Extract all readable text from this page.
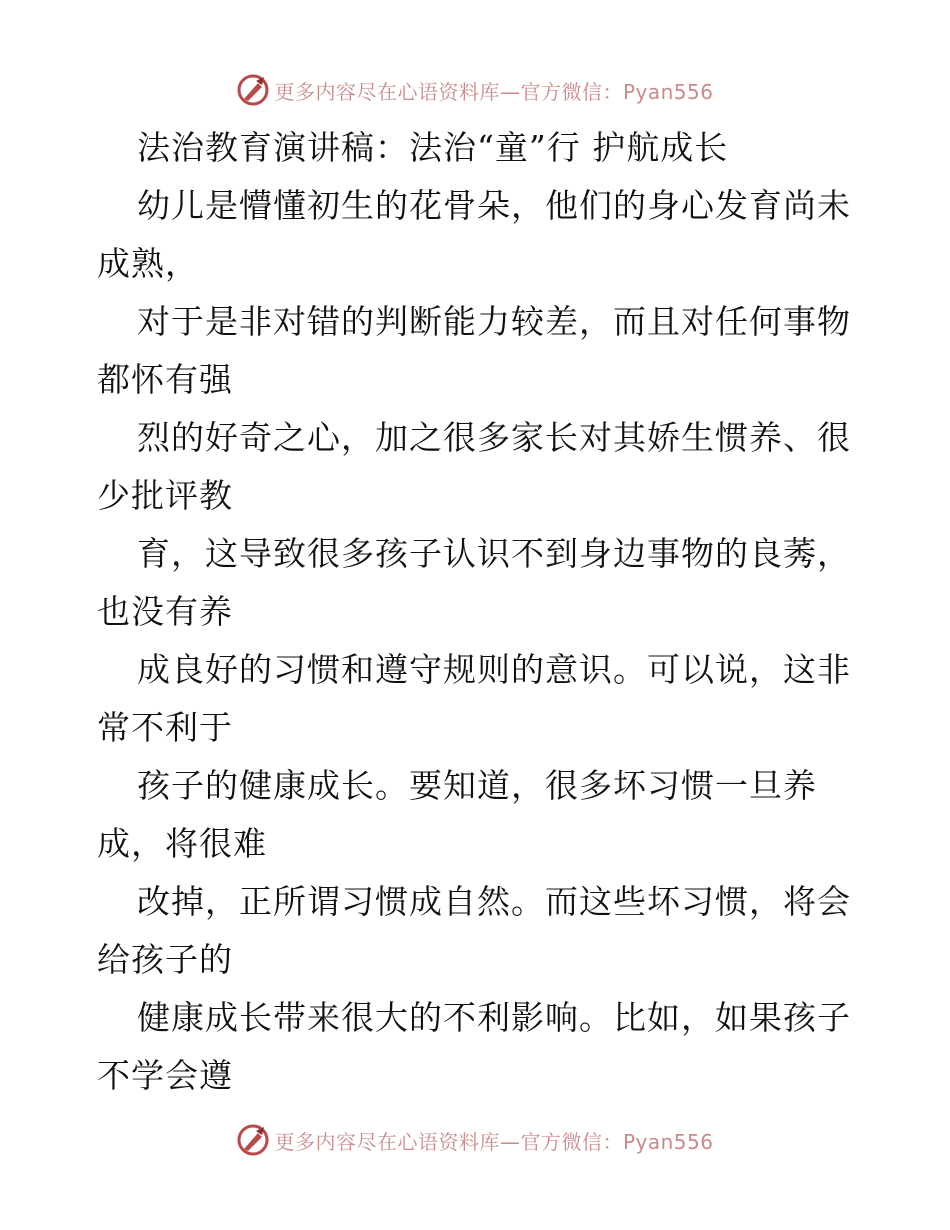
更多内容尽在心语资料库—官方微信：Pyan556
法治教育演讲稿：法治“童”行 护航成长
幼儿是懵懂初生的花骨朵，他们的身心发育尚未
成熟，
对于是非对错的判断能力较差，而且对任何事物
都怀有强
烈的好奇之心，加之很多家长对其娇生惯养、很
少批评教
育，这导致很多孩子认识不到身边事物的良莠，
也没有养
成良好的习惯和遵守规则的意识。可以说，这非
常不利于
孩子的健康成长。要知道，很多坏习惯一旦养
成，将很难
改掉，正所谓习惯成自然。而这些坏习惯，将会
给孩子的
健康成长带来很大的不利影响。比如，如果孩子
不学会遵
更多内容尽在心语资料库—官方微信：Pyan556
